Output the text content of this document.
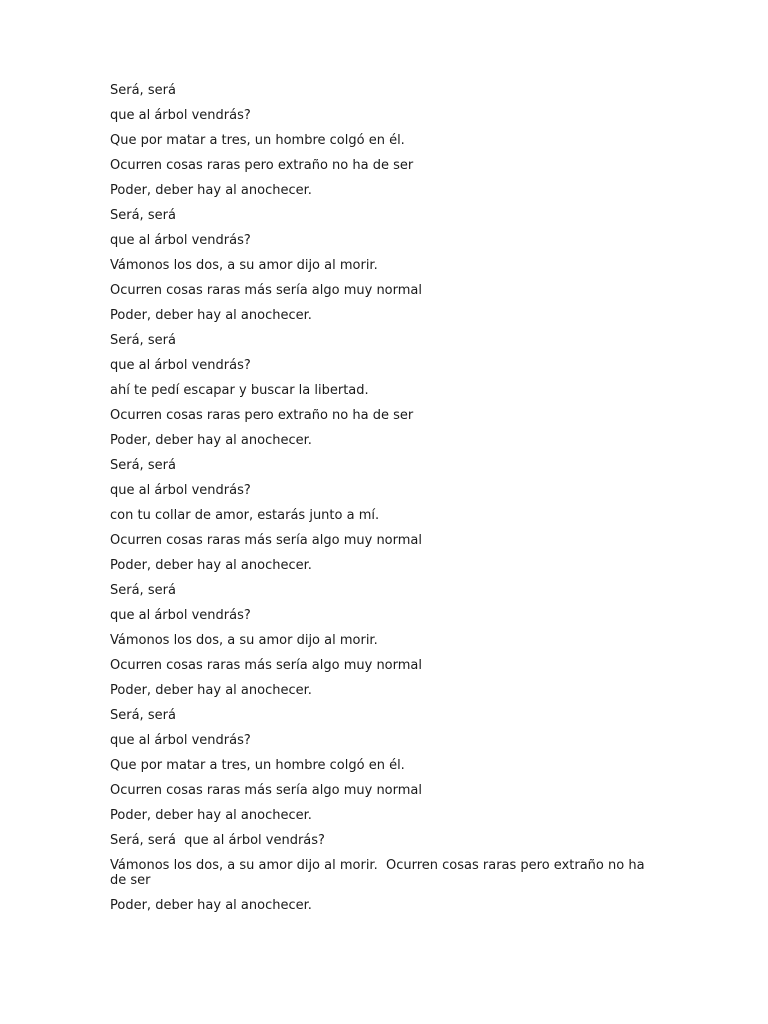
Será, será
que al árbol vendrás?
Que por matar a tres, un hombre colgó en él.
Ocurren cosas raras pero extraño no ha de ser
Poder, deber hay al anochecer.
Será, será
que al árbol vendrás?
Vámonos los dos, a su amor dijo al morir.
Ocurren cosas raras más sería algo muy normal
Poder, deber hay al anochecer.
Será, será
que al árbol vendrás?
ahí te pedí escapar y buscar la libertad.
Ocurren cosas raras pero extraño no ha de ser
Poder, deber hay al anochecer.
Será, será
que al árbol vendrás?
con tu collar de amor, estarás junto a mí.
Ocurren cosas raras más sería algo muy normal
Poder, deber hay al anochecer.
Será, será
que al árbol vendrás?
Vámonos los dos, a su amor dijo al morir.
Ocurren cosas raras más sería algo muy normal
Poder, deber hay al anochecer.
Será, será
que al árbol vendrás?
Que por matar a tres, un hombre colgó en él.
Ocurren cosas raras más sería algo muy normal
Poder, deber hay al anochecer.
Será, será  que al árbol vendrás?
Vámonos los dos, a su amor dijo al morir.  Ocurren cosas raras pero extraño no ha de ser
Poder, deber hay al anochecer.
